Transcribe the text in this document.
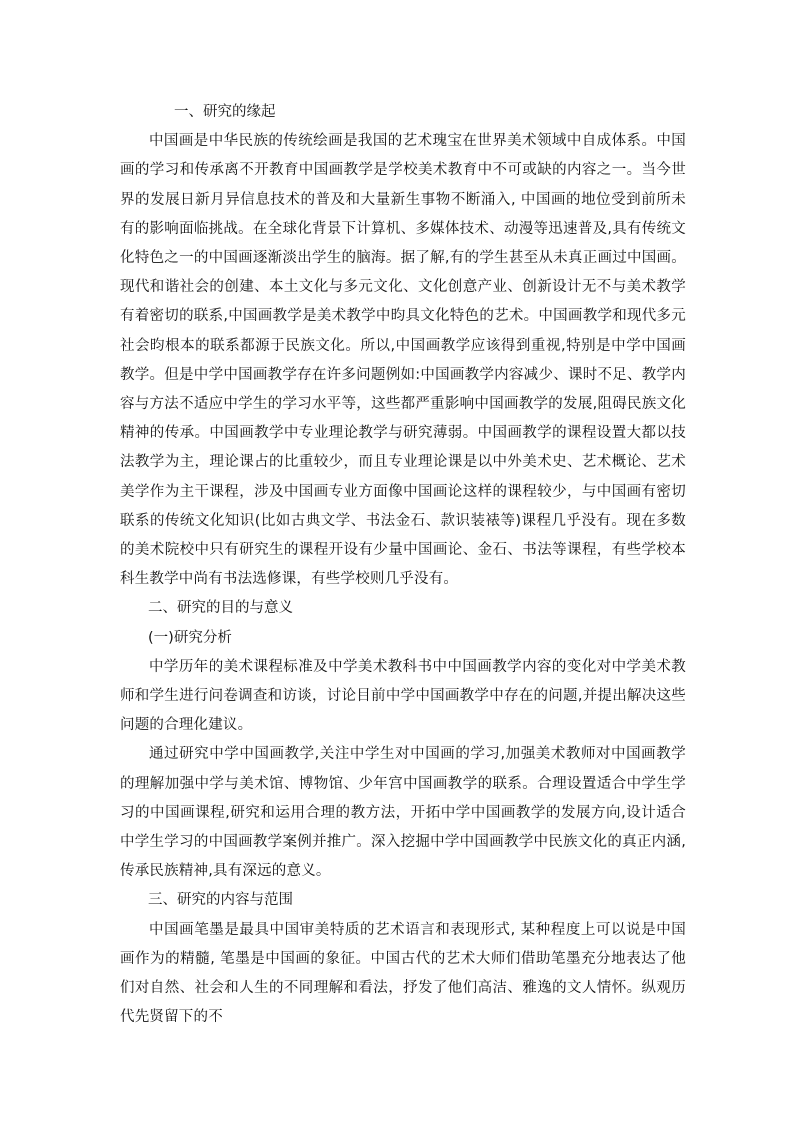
一、研究的缘起

中国画是中华民族的传统绘画是我国的艺术瑰宝在世界美术领域中自成体系。中国画的学习和传承离不开教育中国画教学是学校美术教育中不可或缺的内容之一。当今世界的发展日新月异信息技术的普及和大量新生事物不断涌入, 中国画的地位受到前所未有的影响面临挑战。在全球化背景下计算机、多媒体技术、动漫等迅速普及,具有传统文化特色之一的中国画逐渐淡出学生的脑海。据了解,有的学生甚至从未真正画过中国画。现代和谐社会的创建、本土文化与多元文化、文化创意产业、创新设计无不与美术教学有着密切的联系,中国画教学是美术教学中昀具文化特色的艺术。中国画教学和现代多元社会昀根本的联系都源于民族文化。所以,中国画教学应该得到重视,特别是中学中国画教学。但是中学中国画教学存在许多问题例如:中国画教学内容减少、课时不足、教学内容与方法不适应中学生的学习水平等，这些都严重影响中国画教学的发展,阻碍民族文化精神的传承。中国画教学中专业理论教学与研究薄弱。中国画教学的课程设置大都以技法教学为主，理论课占的比重较少，而且专业理论课是以中外美术史、艺术概论、艺术美学作为主干课程，涉及中国画专业方面像中国画论这样的课程较少，与中国画有密切联系的传统文化知识(比如古典文学、书法金石、款识装裱等)课程几乎没有。现在多数的美术院校中只有研究生的课程开设有少量中国画论、金石、书法等课程，有些学校本科生教学中尚有书法选修课，有些学校则几乎没有。

二、研究的目的与意义

(一)研究分析

中学历年的美术课程标准及中学美术教科书中中国画教学内容的变化对中学美术教师和学生进行问卷调查和访谈，讨论目前中学中国画教学中存在的问题,并提出解决这些问题的合理化建议。

通过研究中学中国画教学,关注中学生对中国画的学习,加强美术教师对中国画教学的理解加强中学与美术馆、博物馆、少年宫中国画教学的联系。合理设置适合中学生学习的中国画课程,研究和运用合理的教方法，开拓中学中国画教学的发展方向,设计适合中学生学习的中国画教学案例并推广。深入挖掘中学中国画教学中民族文化的真正内涵,传承民族精神,具有深远的意义。

三、研究的内容与范围

中国画笔墨是最具中国审美特质的艺术语言和表现形式, 某种程度上可以说是中国画作为的精髓, 笔墨是中国画的象征。中国古代的艺术大师们借助笔墨充分地表达了他们对自然、社会和人生的不同理解和看法，抒发了他们高洁、雅逸的文人情怀。纵观历代先贤留下的不
